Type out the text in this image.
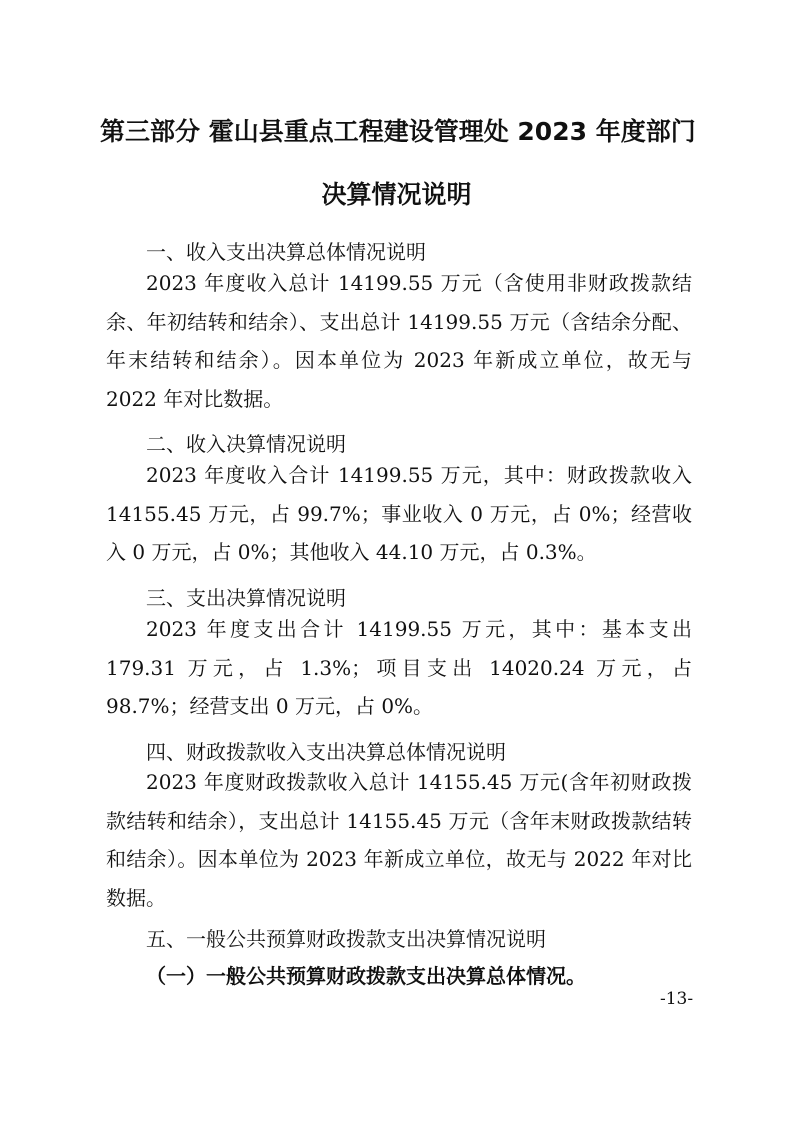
第三部分 霍山县重点工程建设管理处 2023 年度部门
决算情况说明
一、收入支出决算总体情况说明
2023 年度收入总计 14199.55 万元（含使用非财政拨款结余、年初结转和结余）、支出总计 14199.55 万元（含结余分配、年末结转和结余）。因本单位为 2023 年新成立单位，故无与 2022 年对比数据。
二、收入决算情况说明
2023 年度收入合计 14199.55 万元，其中：财政拨款收入 14155.45 万元，占 99.7%；事业收入 0 万元，占 0%；经营收入 0 万元，占 0%；其他收入 44.10 万元，占 0.3%。
三、支出决算情况说明
2023 年度支出合计 14199.55 万元，其中：基本支出 179.31 万元，占 1.3%；项目支出 14020.24 万元，占 98.7%；经营支出 0 万元，占 0%。
四、财政拨款收入支出决算总体情况说明
2023 年度财政拨款收入总计 14155.45 万元(含年初财政拨款结转和结余），支出总计 14155.45 万元（含年末财政拨款结转和结余）。因本单位为 2023 年新成立单位，故无与 2022 年对比数据。
五、一般公共预算财政拨款支出决算情况说明
（一）一般公共预算财政拨款支出决算总体情况。
-13-
